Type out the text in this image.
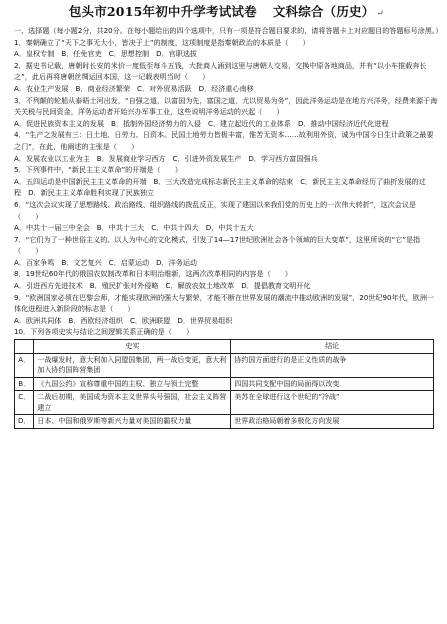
包头市2015年初中升学考试试卷 文科综合（历史） ↵
一、选择题（每小题2分，共20分。在每小题给出的四个选项中，只有一项是符合题目要求的，请将答题卡上对应题目的答题标号涂黑。）
1．秦朝确立了“天下之事无大小，皆决于上”的制度，这项制度是指秦朝政治的本质是（　　）
A．皇权专制 B．任免官吏 C．思想控制 D．官职选拔
2．据史书记载，唐朝时长安的米价一度低至每斗五钱，大批商人涌到这里与唐朝人交易，交换中原各地商品，并有“以小车推载奔长之”，此后再将唐朝丝绸运回本国，这一记载表明当时（　　）
A．农业生产发展 B．商业经济繁荣 C．对外贸易活跃 D．经济重心南移
3．不列颠的轮船从泰晤士河出发，“自强之道，以富国为先，富国之道，尤以贸易为务”，因此洋务运动是在地方兴洋务，经费来源于海关关税与民间资金，洋务运动者开始兴办军事工业，这些说明洋务运动的兴起（　　）
A．促进民族资本主义的发展 B．抵制外国经济势力的入侵 C．建立起近代的工业体系 D．推动中国经济近代化进程
4．“生产之发展有三：日土地、日劳力、日资本。民国土地劳力皆极丰富，惟苦无资本……故利用外资，诚为中国今日生计政策之最要之门”，在此，他阐述的主张是（　　）
A．发展农业以工业为主 B．发展商业学习西方 C．引进外资发展生产 D．学习西方富国强兵
5．下列事件中，“新民主主义革命”的开端是（　　）
A．五四运动是中国新民主主义革命的开端 B．三大改造完成标志新民主主义革命的结束 C．新民主主义革命经历了曲折发展的过程 D．新民主主义革命胜利实现了民族独立
6．“这次会议实现了思想路线、政治路线、组织路线的拨乱反正，实现了建国以来我们党的历史上的一次伟大转折”，这次会议是（　　）
A．中共十一届三中全会 B．中共十三大 C．中共十四大 D．中共十五大
7．“它们为了一种世俗主义的、以人为中心的文化模式，引发了14—17世纪欧洲社会各个领域的巨大变革”，这里所说的“它”是指（　　）
A．百家争鸣 B．文艺复兴 C．启蒙运动 D．洋务运动
8．19世纪60年代的俄国农奴制改革和日本明治维新，这两次改革相同的内容是（　　）
A．引进西方先进技术 B．殖民扩张对外侵略 C．解放农奴土地改革 D．提倡教育文明开化
9．“欧洲国家必须在巴黎会师，才能实现欧洲的强大与繁荣，才能不断在世界发展的潮流中推动欧洲的发展”，20世纪90年代，欧洲一体化进程进入新阶段的标志是（　　）
A．欧洲共同体 B．西欧经济组织 C．欧洲联盟 D．世界贸易组织
10．下列各项史实与结论之间逻辑关系正确的是（　　）
	史实	结论
A．	一战爆发时，意大利加入同盟国集团，两一战后变更，意大利加入协约国阵营集团	协约国方面进行的是正义性质的战争
B．	《九国公约》宣称尊重中国的主权、独立与领土完整	四国共同支配中国的局面得以改变
C．	二战后初期，美国成为资本主义世界头号强国，社会主义阵营建立	美苏在全球进行这个世纪的“冷战”
D．	日本、中国和俄罗斯等新兴力量对美国的霸权力量	世界政治格局朝着多极化方向发展
